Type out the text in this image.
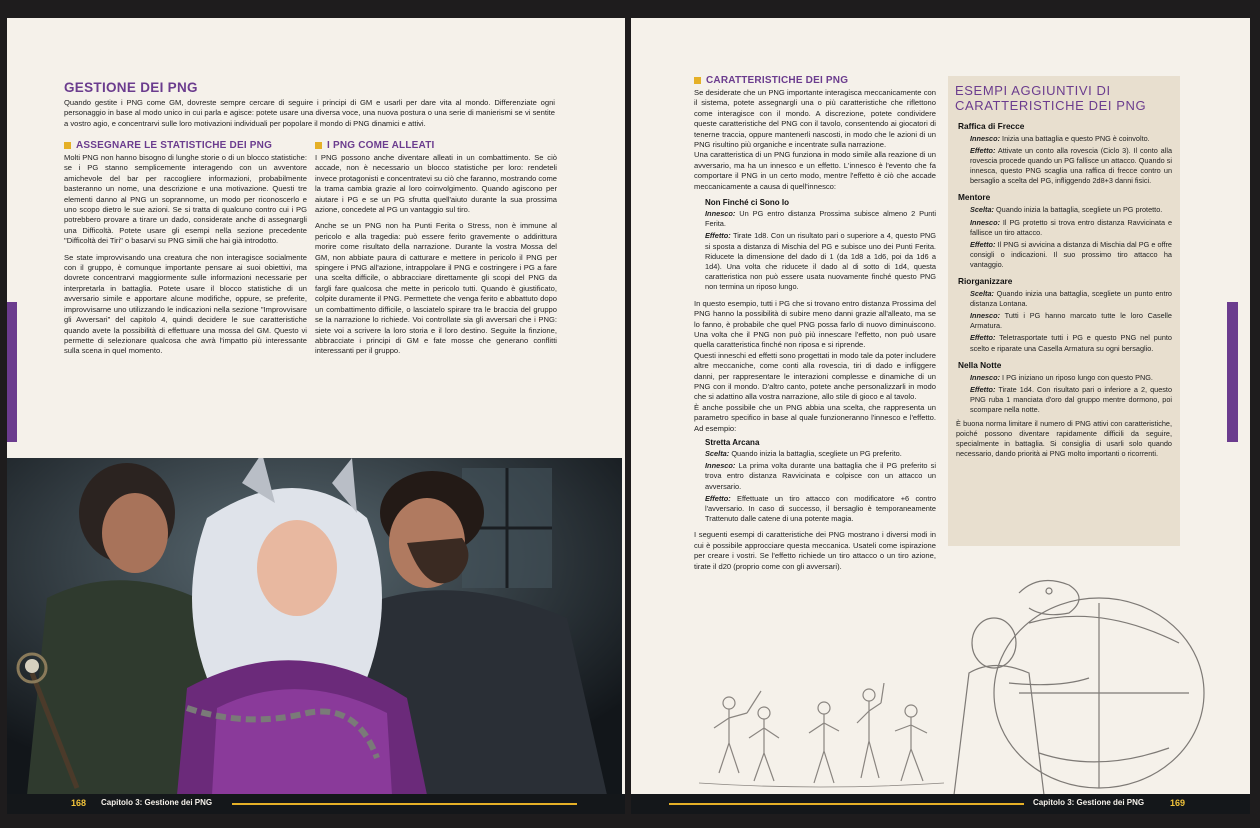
GESTIONE DEI PNG
Quando gestite i PNG come GM, dovreste sempre cercare di seguire i principi di GM e usarli per dare vita al mondo. Differenziate ogni personaggio in base al modo unico in cui parla e agisce: potete usare una diversa voce, una nuova postura o una serie di manierismi se vi sentite a vostro agio, e concentrarvi sulle loro motivazioni individuali per popolare il mondo di PNG dinamici e attivi.
ASSEGNARE LE STATISTICHE DEI PNG

Molti PNG non hanno bisogno di lunghe storie o di un blocco statistiche: se i PG stanno semplicemente interagendo con un avventore amichevole del bar per raccogliere informazioni, probabilmente basteranno un nome, una descrizione e una motivazione. Questi tre elementi danno al PNG un soprannome, un modo per riconoscerlo e uno scopo dietro le sue azioni. Se si tratta di qualcuno contro cui i PG potrebbero provare a tirare un dado, considerate anche di assegnargli una Difficoltà. Potete usare gli esempi nella sezione precedente "Difficoltà dei Tiri" o basarvi su PNG simili che hai già introdotto.

Se state improvvisando una creatura che non interagisce socialmente con il gruppo, è comunque importante pensare ai suoi obiettivi, ma dovrete concentrarvi maggiormente sulle informazioni necessarie per interpretarla in battaglia. Potete usare il blocco statistiche di un avversario simile e apportare alcune modifiche, oppure, se preferite, improvvisarne uno utilizzando le indicazioni nella sezione "Improvvisare gli Avversari" del capitolo 4, quindi decidere le sue caratteristiche quando avete la possibilità di effettuare una mossa del GM. Questo vi permette di selezionare qualcosa che avrà l'impatto più interessante sulla scena in quel momento.

I PNG COME ALLEATI

I PNG possono anche diventare alleati in un combattimento. Se ciò accade, non è necessario un blocco statistiche per loro: rendeteli invece protagonisti e concentratevi su ciò che faranno, mostrando come la trama cambia grazie al loro coinvolgimento. Quando agiscono per aiutare i PG e se un PG sfrutta quell'aiuto durante la sua prossima azione, concedete al PG un vantaggio sul tiro.

Anche se un PNG non ha Punti Ferita o Stress, non è immune al pericolo e alla tragedia: può essere ferito gravemente o addirittura morire come risultato della narrazione. Durante la vostra Mossa del GM, non abbiate paura di catturare e mettere in pericolo il PNG per spingere i PNG all'azione, intrappolare il PNG e costringere i PG a fare una scelta difficile, o abbracciare direttamente gli scopi del PNG da fargli fare qualcosa che mette in pericolo tutti. Quando è giustificato, colpite duramente il PNG. Permettete che venga ferito e abbattuto dopo un combattimento difficile, o lasciatelo spirare tra le braccia del gruppo se la narrazione lo richiede. Voi controllate sia gli avversari che i PNG: siete voi a scrivere la loro storia e il loro destino. Seguite la finzione, abbracciate i principi di GM e fate mosse che generano conflitti interessanti per il gruppo.

168 Capitolo 3: Gestione dei PNG
CARATTERISTICHE DEI PNG

Se desiderate che un PNG importante interagisca meccanicamente con il sistema, potete assegnargli una o più caratteristiche che riflettono come interagisce con il mondo. A discrezione, potete condividere queste caratteristiche del PNG con il tavolo, consentendo ai giocatori di tenerne traccia, oppure mantenerli nascosti, in modo che le azioni di un PNG risultino più organiche e incentrate sulla narrazione.

Una caratteristica di un PNG funziona in modo simile alla reazione di un avversario, ma ha un innesco e un effetto. L'innesco è l'evento che fa comportare il PNG in un certo modo, mentre l'effetto è ciò che accade meccanicamente a causa di quell'innesco:

Non Finché ci Sono Io
Innesco: Un PG entro distanza Prossima subisce almeno 2 Punti Ferita.
Effetto: Tirate 1d8. Con un risultato pari o superiore a 4, questo PNG si sposta a distanza di Mischia del PG e subisce uno dei Punti Ferita. Riducete la dimensione del dado di 1 (da 1d8 a 1d6, poi da 1d6 a 1d4). Una volta che riducete il dado al di sotto di 1d4, questa caratteristica non può essere usata nuovamente finché questo PNG non termina un riposo lungo.

In questo esempio, tutti i PG che si trovano entro distanza Prossima del PNG hanno la possibilità di subire meno danni grazie all'alleato, ma se lo fanno, è probabile che quel PNG possa farlo di nuovo diminuiscono. Una volta che il PNG non può più innescare l'effetto, non può usare quella caratteristica finché non riposa e si riprende.

Questi inneschi ed effetti sono progettati in modo tale da poter includere altre meccaniche, come conti alla rovescia, tiri di dado e infliggere danni, per rappresentare le interazioni complesse e dinamiche di un PNG con il mondo. D'altro canto, potete anche personalizzarli in modo che si adattino alla vostra narrazione, allo stile di gioco e al tavolo.

È anche possibile che un PNG abbia una scelta, che rappresenta un parametro specifico in base al quale funzioneranno l'innesco e l'effetto. Ad esempio:

Stretta Arcana
Scelta: Quando inizia la battaglia, scegliete un PG preferito.
Innesco: La prima volta durante una battaglia che il PG preferito si trova entro distanza Ravvicinata e colpisce con un attacco un avversario.
Effetto: Effettuate un tiro attacco con modificatore +6 contro l'avversario. In caso di successo, il bersaglio è temporaneamente Trattenuto dalle catene di una potente magia.

I seguenti esempi di caratteristiche dei PNG mostrano i diversi modi in cui è possibile approcciare questa meccanica. Usateli come ispirazione per creare i vostri. Se l'effetto richiede un tiro attacco o un tiro azione, tirate il d20 (proprio come con gli avversari).

ESEMPI AGGIUNTIVI DI
CARATTERISTICHE DEI PNG
Raffica di Frecce
Innesco: Inizia una battaglia e questo PNG è coinvolto.
Effetto: Attivate un conto alla rovescia (Ciclo 3). Il conto alla rovescia procede quando un PG fallisce un attacco. Quando si innesca, questo PNG scaglia una raffica di frecce contro un bersaglio a scelta del PG, infliggendo 2d8+3 danni fisici.
Mentore
Scelta: Quando inizia la battaglia, scegliete un PG protetto.
Innesco: Il PG protetto si trova entro distanza Ravvicinata e fallisce un tiro attacco.
Effetto: Il PNG si avvicina a distanza di Mischia dal PG e offre consigli o indicazioni. Il suo prossimo tiro attacco ha vantaggio.
Riorganizzare
Scelta: Quando inizia una battaglia, scegliete un punto entro distanza Lontana.
Innesco: Tutti i PG hanno marcato tutte le loro Caselle Armatura.
Effetto: Teletrasportate tutti i PG e questo PNG nel punto scelto e riparate una Casella Armatura su ogni bersaglio.
Nella Notte
Innesco: I PG iniziano un riposo lungo con questo PNG.
Effetto: Tirate 1d4. Con risultato pari o inferiore a 2, questo PNG ruba 1 manciata d'oro dal gruppo mentre dormono, poi scompare nella notte.
È buona norma limitare il numero di PNG attivi con caratteristiche, poiché possono diventare rapidamente difficili da seguire, specialmente in battaglia. Si consiglia di usarli solo quando necessario, dando priorità ai PNG molto importanti o ricorrenti.
Capitolo 3: Gestione dei PNG	169
